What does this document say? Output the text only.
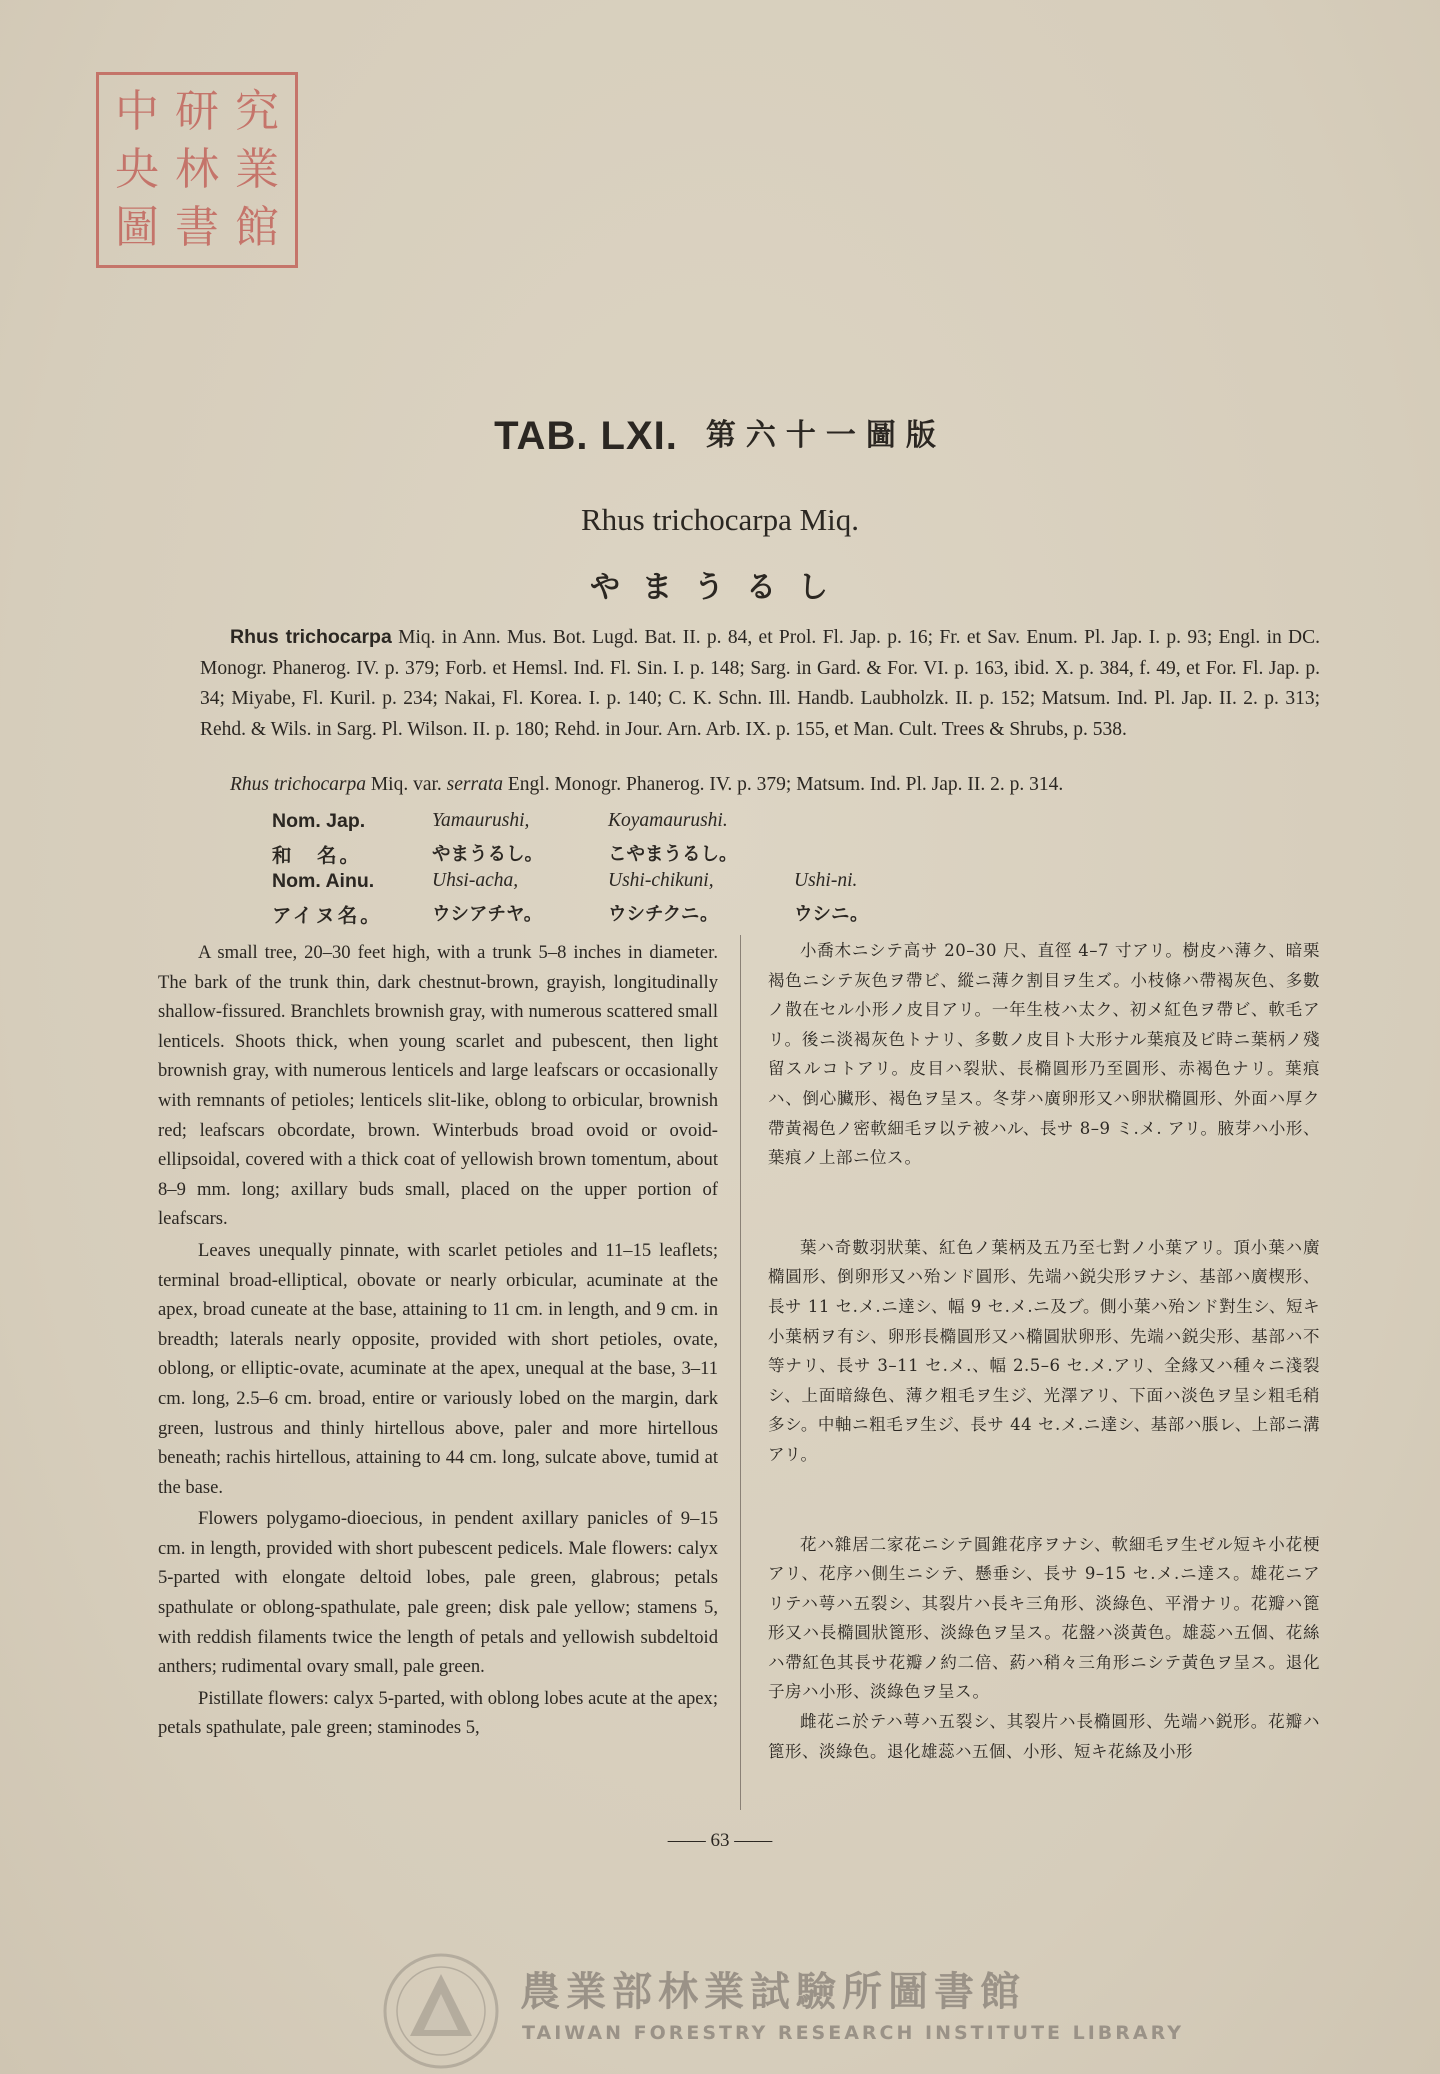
中 研 究
央 林 業
圖 書 館
TAB. LXI. 第六十一圖版
Rhus trichocarpa Miq.
やまうるし
Rhus trichocarpa Miq. in Ann. Mus. Bot. Lugd. Bat. II. p. 84, et Prol. Fl. Jap. p. 16; Fr. et Sav. Enum. Pl. Jap. I. p. 93; Engl. in DC. Monogr. Phanerog. IV. p. 379; Forb. et Hemsl. Ind. Fl. Sin. I. p. 148; Sarg. in Gard. & For. VI. p. 163, ibid. X. p. 384, f. 49, et For. Fl. Jap. p. 34; Miyabe, Fl. Kuril. p. 234; Nakai, Fl. Korea. I. p. 140; C. K. Schn. Ill. Handb. Laubholzk. II. p. 152; Matsum. Ind. Pl. Jap. II. 2. p. 313; Rehd. & Wils. in Sarg. Pl. Wilson. II. p. 180; Rehd. in Jour. Arn. Arb. IX. p. 155, et Man. Cult. Trees & Shrubs, p. 538.
Rhus trichocarpa Miq. var. serrata Engl. Monogr. Phanerog. IV. p. 379; Matsum. Ind. Pl. Jap. II. 2. p. 314.
Nom. Jap.	Yamaurushi,	Koyamaurushi.
和　名。	やまうるし。	こやまうるし。
Nom. Ainu.	Uhsi-acha,	Ushi-chikuni,	Ushi-ni.
アイヌ名。	ウシアチヤ。	ウシチクニ。	ウシニ。

A small tree, 20–30 feet high, with a trunk 5–8 inches in diameter. The bark of the trunk thin, dark chestnut-brown, grayish, longitudinally shallow-fissured. Branchlets brownish gray, with numerous scattered small lenticels. Shoots thick, when young scarlet and pubescent, then light brownish gray, with numerous lenticels and large leafscars or occasionally with remnants of petioles; lenticels slit-like, oblong to orbicular, brownish red; leafscars obcordate, brown. Winterbuds broad ovoid or ovoid-ellipsoidal, covered with a thick coat of yellowish brown tomentum, about 8–9 mm. long; axillary buds small, placed on the upper portion of leafscars.

Leaves unequally pinnate, with scarlet petioles and 11–15 leaflets; terminal broad-elliptical, obovate or nearly orbicular, acuminate at the apex, broad cuneate at the base, attaining to 11 cm. in length, and 9 cm. in breadth; laterals nearly opposite, provided with short petioles, ovate, oblong, or elliptic-ovate, acuminate at the apex, unequal at the base, 3–11 cm. long, 2.5–6 cm. broad, entire or variously lobed on the margin, dark green, lustrous and thinly hirtellous above, paler and more hirtellous beneath; rachis hirtellous, attaining to 44 cm. long, sulcate above, tumid at the base.

Flowers polygamo-dioecious, in pendent axillary panicles of 9–15 cm. in length, provided with short pubescent pedicels. Male flowers: calyx 5-parted with elongate deltoid lobes, pale green, glabrous; petals spathulate or oblong-spathulate, pale green; disk pale yellow; stamens 5, with reddish filaments twice the length of petals and yellowish subdeltoid anthers; rudimental ovary small, pale green.

Pistillate flowers: calyx 5-parted, with oblong lobes acute at the apex; petals spathulate, pale green; staminodes 5,

小喬木ニシテ高サ 20–30 尺、直徑 4–7 寸アリ。樹皮ハ薄ク、暗栗褐色ニシテ灰色ヲ帶ビ、縱ニ薄ク割目ヲ生ズ。小枝條ハ帶褐灰色、多數ノ散在セル小形ノ皮目アリ。一年生枝ハ太ク、初メ紅色ヲ帶ビ、軟毛アリ。後ニ淡褐灰色トナリ、多數ノ皮目ト大形ナル葉痕及ビ時ニ葉柄ノ殘留スルコトアリ。皮目ハ裂狀、長橢圓形乃至圓形、赤褐色ナリ。葉痕ハ、倒心臟形、褐色ヲ呈ス。冬芽ハ廣卵形又ハ卵狀橢圓形、外面ハ厚ク帶黃褐色ノ密軟細毛ヲ以テ被ハル、長サ 8–9 ミ.メ. アリ。腋芽ハ小形、葉痕ノ上部ニ位ス。

葉ハ奇數羽狀葉、紅色ノ葉柄及五乃至七對ノ小葉アリ。頂小葉ハ廣橢圓形、倒卵形又ハ殆ンド圓形、先端ハ鋭尖形ヲナシ、基部ハ廣楔形、長サ 11 セ.メ.ニ達シ、幅 9 セ.メ.ニ及ブ。側小葉ハ殆ンド對生シ、短キ小葉柄ヲ有シ、卵形長橢圓形又ハ橢圓狀卵形、先端ハ鋭尖形、基部ハ不等ナリ、長サ 3–11 セ.メ.、幅 2.5–6 セ.メ.アリ、全緣又ハ種々ニ淺裂シ、上面暗綠色、薄ク粗毛ヲ生ジ、光澤アリ、下面ハ淡色ヲ呈シ粗毛稍多シ。中軸ニ粗毛ヲ生ジ、長サ 44 セ.メ.ニ達シ、基部ハ脹レ、上部ニ溝アリ。

花ハ雜居二家花ニシテ圓錐花序ヲナシ、軟細毛ヲ生ゼル短キ小花梗アリ、花序ハ側生ニシテ、懸垂シ、長サ 9–15 セ.メ.ニ達ス。雄花ニアリテハ萼ハ五裂シ、其裂片ハ長キ三角形、淡綠色、平滑ナリ。花瓣ハ篦形又ハ長橢圓狀篦形、淡綠色ヲ呈ス。花盤ハ淡黃色。雄蕊ハ五個、花絲ハ帶紅色其長サ花瓣ノ約二倍、葯ハ稍々三角形ニシテ黃色ヲ呈ス。退化子房ハ小形、淡綠色ヲ呈ス。

雌花ニ於テハ萼ハ五裂シ、其裂片ハ長橢圓形、先端ハ鋭形。花瓣ハ篦形、淡綠色。退化雄蕊ハ五個、小形、短キ花絲及小形

—— 63 ——
農業部林業試驗所圖書館
TAIWAN FORESTRY RESEARCH INSTITUTE LIBRARY
